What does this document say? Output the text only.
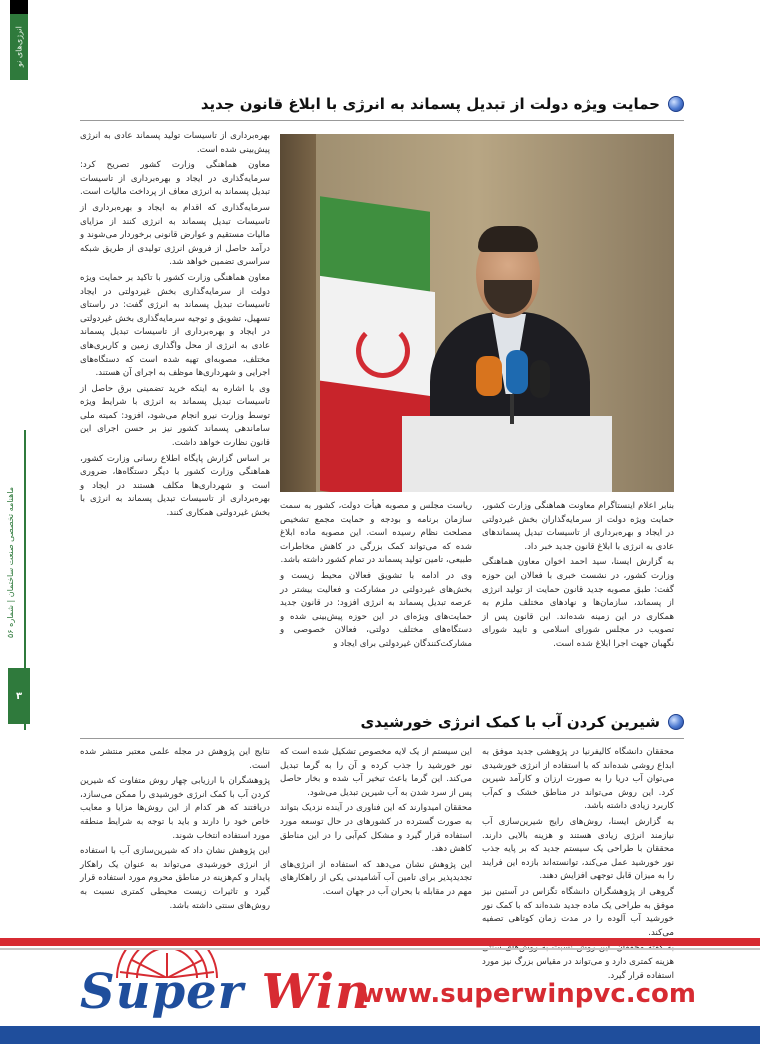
انرژی‌های نو
ماهنامه تخصصی صنعت ساختمان | شماره ۵۶
۳
حمایت ویژه دولت از تبدیل پسماند به انرژی با ابلاغ قانون جدید

بهره‌برداری از تاسیسات تولید پسماند عادی به انرژی پیش‌بینی شده است.

معاون هماهنگی وزارت کشور تصریح کرد: سرمایه‌گذاری در ایجاد و بهره‌برداری از تاسیسات تبدیل پسماند به انرژی معاف از پرداخت مالیات است.

سرمایه‌گذاری که اقدام به ایجاد و بهره‌برداری از تاسیسات تبدیل پسماند به انرژی کنند از مزایای مالیات مستقیم و عوارض قانونی برخوردار می‌شوند و درآمد حاصل از فروش انرژی تولیدی از طریق شبکه سراسری تضمین خواهد شد.

معاون هماهنگی وزارت کشور با تاکید بر حمایت ویژه دولت از سرمایه‌گذاری بخش غیردولتی در ایجاد تاسیسات تبدیل پسماند به انرژی گفت: در راستای تسهیل، تشویق و توجیه سرمایه‌گذاری بخش غیردولتی در ایجاد و بهره‌برداری از تاسیسات تبدیل پسماند عادی به انرژی از محل واگذاری زمین و کاربری‌های مختلف، مصوبه‌ای تهیه شده است که دستگاه‌های اجرایی و شهرداری‌ها موظف به اجرای آن هستند.

وی با اشاره به اینکه خرید تضمینی برق حاصل از تاسیسات تبدیل پسماند به انرژی با شرایط ویژه توسط وزارت نیرو انجام می‌شود، افزود: کمیته ملی ساماندهی پسماند کشور نیز بر حسن اجرای این قانون نظارت خواهد داشت.

بر اساس گزارش پایگاه اطلاع رسانی وزارت کشور، هماهنگی وزارت کشور با دیگر دستگاه‌ها، ضروری است و شهرداری‌ها مکلف هستند در ایجاد و بهره‌برداری از تاسیسات تبدیل پسماند به انرژی با بخش غیردولتی همکاری کنند.

ریاست مجلس و مصوبه هیأت دولت، کشور به سمت سازمان برنامه و بودجه و حمایت مجمع تشخیص مصلحت نظام رسیده است. این مصوبه ماده ابلاغ شده که می‌تواند کمک بزرگی در کاهش مخاطرات طبیعی، تامین تولید پسماند در تمام کشور داشته باشد.

وی در ادامه با تشویق فعالان محیط زیست و بخش‌های غیردولتی در مشارکت و فعالیت بیشتر در عرصه تبدیل پسماند به انرژی افزود: در قانون جدید حمایت‌های ویژه‌ای در این حوزه پیش‌بینی شده و دستگاه‌های مختلف دولتی، فعالان خصوصی و مشارکت‌کنندگان غیردولتی برای ایجاد و

بنابر اعلام اینستاگرام معاونت هماهنگی وزارت کشور، حمایت ویژه دولت از سرمایه‌گذاران بخش غیردولتی در ایجاد و بهره‌برداری از تاسیسات تبدیل پسماندهای عادی به انرژی با ابلاغ قانون جدید خبر داد.

به گزارش ایسنا، سید احمد اخوان معاون هماهنگی وزارت کشور، در نشست خبری با فعالان این حوزه گفت: طبق مصوبه جدید قانون حمایت از تولید انرژی از پسماند، سازمان‌ها و نهادهای مختلف ملزم به همکاری در این زمینه شده‌اند. این قانون پس از تصویب در مجلس شورای اسلامی و تایید شورای نگهبان جهت اجرا ابلاغ شده است.

شیرین کردن آب با کمک انرژی خورشیدی

محققان دانشگاه کالیفرنیا در پژوهشی جدید موفق به ابداع روشی شده‌اند که با استفاده از انرژی خورشیدی می‌توان آب دریا را به صورت ارزان و کارآمد شیرین کرد. این روش می‌تواند در مناطق خشک و کم‌آب کاربرد زیادی داشته باشد.

به گزارش ایسنا، روش‌های رایج شیرین‌سازی آب نیازمند انرژی زیادی هستند و هزینه بالایی دارند. محققان با طراحی یک سیستم جدید که بر پایه جذب نور خورشید عمل می‌کند، توانسته‌اند بازده این فرایند را به میزان قابل توجهی افزایش دهند.

گروهی از پژوهشگران دانشگاه تگزاس در آستین نیز موفق به طراحی یک ماده جدید شده‌اند که با کمک نور خورشید آب آلوده را در مدت زمان کوتاهی تصفیه می‌کند.

هزینه کمتری دارد و می‌تواند در مقیاس بزرگ نیز مورد استفاده قرار گیرد.

این سیستم از یک لایه مخصوص تشکیل شده است که نور خورشید را جذب کرده و آن را به گرما تبدیل می‌کند. این گرما باعث تبخیر آب شده و بخار حاصل پس از سرد شدن به آب شیرین تبدیل می‌شود.

محققان امیدوارند که این فناوری در آینده نزدیک بتواند به صورت گسترده در کشورهای در حال توسعه مورد استفاده قرار گیرد و مشکل کم‌آبی را در این مناطق کاهش دهد.

این پژوهش نشان می‌دهد که استفاده از انرژی‌های تجدیدپذیر برای تامین آب آشامیدنی یکی از راهکارهای مهم در مقابله با بحران آب در جهان است.

نتایج این پژوهش در مجله علمی معتبر منتشر شده است.

پژوهشگران با ارزیابی چهار روش متفاوت که شیرین کردن آب با کمک انرژی خورشیدی را ممکن می‌سازد، دریافتند که هر کدام از این روش‌ها مزایا و معایب خاص خود را دارند و باید با توجه به شرایط منطقه مورد استفاده انتخاب شوند.

این پژوهش نشان داد که شیرین‌سازی آب با استفاده از انرژی خورشیدی می‌تواند به عنوان یک راهکار پایدار و کم‌هزینه در مناطق محروم مورد استفاده قرار گیرد و تاثیرات زیست محیطی کمتری نسبت به روش‌های سنتی داشته باشد.

Super Win
www.superwinpvc.com
